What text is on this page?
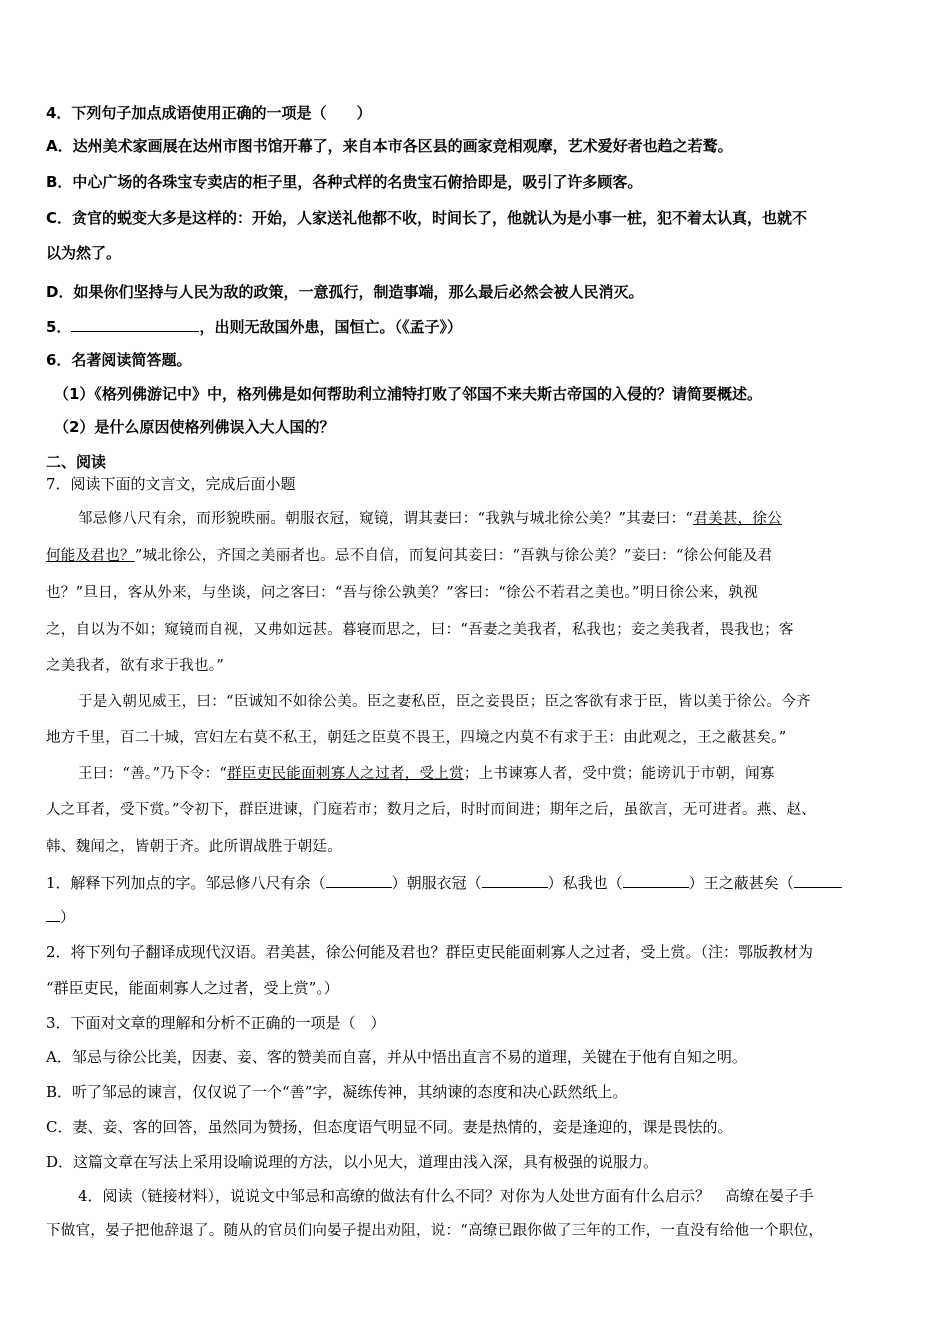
4．下列句子加点成语使用正确的一项是（　　）
A．达州美术家画展在达州市图书馆开幕了，来自本市各区县的画家竞相观摩，艺术爱好者也趋之若鹜。
B．中心广场的各珠宝专卖店的柜子里，各种式样的名贵宝石俯拾即是，吸引了许多顾客。
C．贪官的蜕变大多是这样的：开始，人家送礼他都不收，时间长了，他就认为是小事一桩，犯不着太认真，也就不
以为然了。
D．如果你们坚持与人民为敌的政策，一意孤行，制造事端，那么最后必然会被人民消灭。
5．	，出则无敌国外患，国恒亡。（《孟子》）
6．名著阅读简答题。
（1）《格列佛游记中》中，格列佛是如何帮助利立浦特打败了邻国不来夫斯古帝国的入侵的？请简要概述。
（2）是什么原因使格列佛误入大人国的？
二、阅读
7．阅读下面的文言文，完成后面小题
邹忌修八尺有余，而形貌昳丽。朝服衣冠，窥镜，谓其妻曰：“我孰与城北徐公美？”其妻曰：“君美甚，徐公
何能及君也？”城北徐公，齐国之美丽者也。忌不自信，而复问其妾曰：“吾孰与徐公美？”妾曰：“徐公何能及君
也？”旦日，客从外来，与坐谈，问之客曰：“吾与徐公孰美？”客曰：“徐公不若君之美也。”明日徐公来，孰视
之，自以为不如；窥镜而自视，又弗如远甚。暮寝而思之，曰：“吾妻之美我者，私我也；妾之美我者，畏我也；客
之美我者，欲有求于我也。”
于是入朝见威王，曰：“臣诚知不如徐公美。臣之妻私臣，臣之妾畏臣；臣之客欲有求于臣，皆以美于徐公。今齐
地方千里，百二十城，宫妇左右莫不私王，朝廷之臣莫不畏王，四境之内莫不有求于王：由此观之，王之蔽甚矣。”
王曰：“善。”乃下令：“群臣吏民能面刺寡人之过者，受上赏；上书谏寡人者，受中赏；能谤讥于市朝，闻寡
人之耳者，受下赏。”令初下，群臣进谏，门庭若市；数月之后，时时而间进；期年之后，虽欲言，无可进者。燕、赵、
韩、魏闻之，皆朝于齐。此所谓战胜于朝廷。
1．解释下列加点的字。邹忌修八尺有余（	）朝服衣冠（	）私我也（	）王之蔽甚矣（
）
2．将下列句子翻译成现代汉语。君美甚，徐公何能及君也？群臣吏民能面刺寡人之过者，受上赏。（注：鄂版教材为
“群臣吏民，能面刺寡人之过者，受上赏”。）
3．下面对文章的理解和分析不正确的一项是（　）
A．邹忌与徐公比美，因妻、妾、客的赞美而自喜，并从中悟出直言不易的道理，关键在于他有自知之明。
B．听了邹忌的谏言，仅仅说了一个“善”字，凝练传神，其纳谏的态度和决心跃然纸上。
C．妻、妾、客的回答，虽然同为赞扬，但态度语气明显不同。妻是热情的，妾是逢迎的，课是畏怯的。
D．这篇文章在写法上采用设喻说理的方法，以小见大，道理由浅入深，具有极强的说服力。
4．阅读（链接材料），说说文中邹忌和高缭的做法有什么不同？对你为人处世方面有什么启示？　高缭在晏子手
下做官，晏子把他辞退了。随从的官员们向晏子提出劝阻，说：“高缭已跟你做了三年的工作，一直没有给他一个职位，
